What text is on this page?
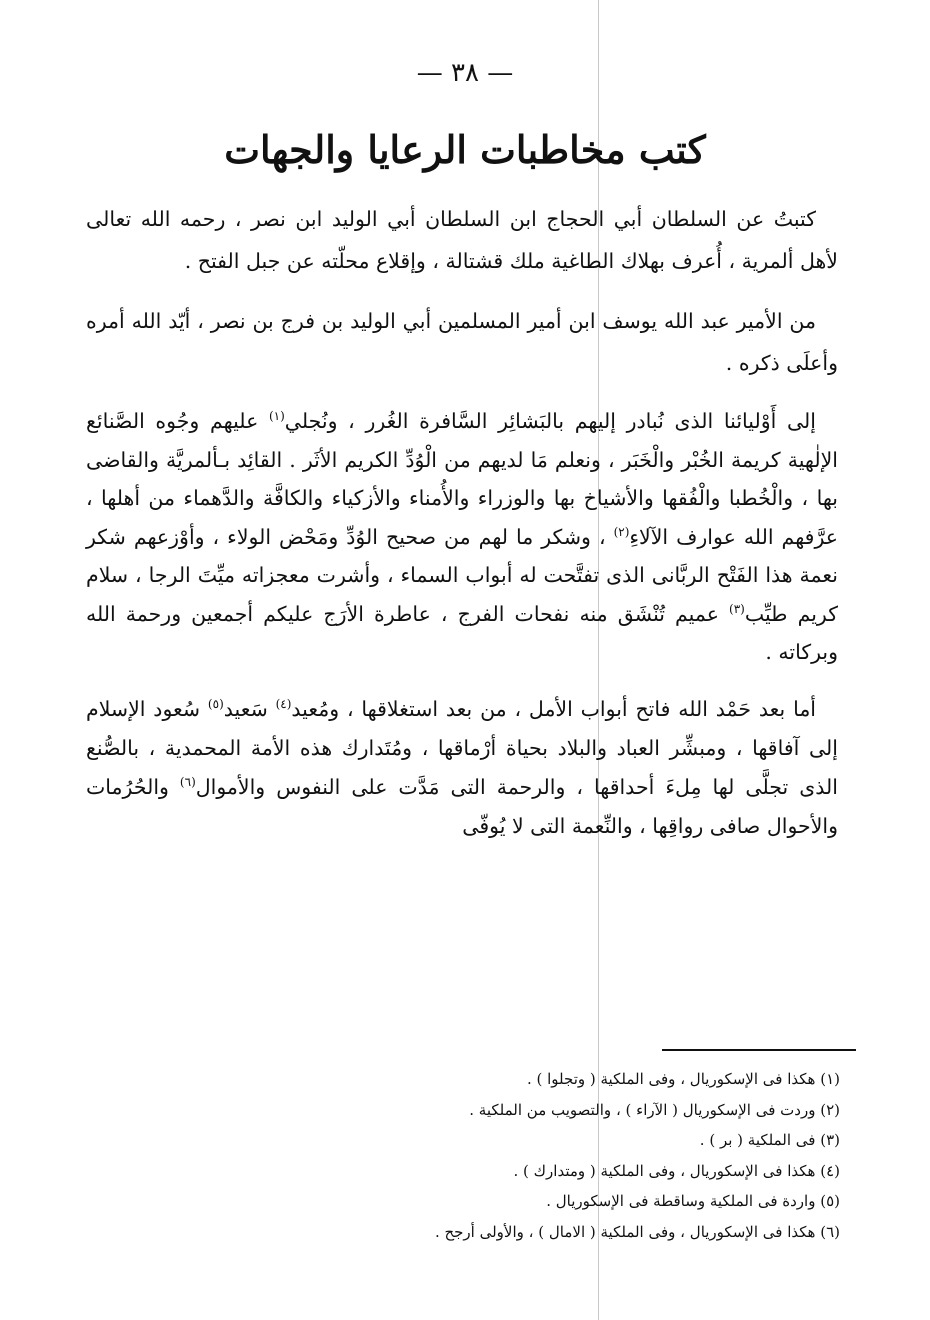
— ٣٨ —
كتب مخاطبات الرعايا والجهات

كتبتُ عن السلطان أبي الحجاج ابن السلطان أبي الوليد ابن نصر ، رحمه الله تعالى لأهل ألمرية ، أُعرف بهلاك الطاغية ملك قشتالة ، وإقلاع محلّته عن جبل الفتح .

من الأمير عبد الله يوسف ابن أمير المسلمين أبي الوليد بن فرج بن نصر ، أيّد الله أمره وأعلَى ذكره .

إلى أَوْليائنا الذى نُبادر إليهم بالبَشائِر السَّافرة الغُرر ، ونُجلي$^{(١)}$ عليهم وجُوه الصَّنائع الإلٰهية كريمة الخُبْر والْخَبَر ، ونعلم مَا لديهم من الْوُدِّ الكريم الأثَر . القائِد بـألمريَّة والقاضى بها ، والْخُطبا والْفُقها والأشياخ بها والوزراء والأُمناء والأزكياء والكافَّة والدَّهماء من أهلها ، عرَّفهم الله عوارف الآلاءِ$^{(٢)}$ ، وشكر ما لهم من صحيح الوُدِّ ومَحْض الولاء ، وأوْزعهم شكر نعمة هذا الفَتْح الربَّانى الذى تفتَّحت له أبواب السماء ، وأشرت معجزاته ميِّتَ الرجا ، سلام كريم طيِّب$^{(٣)}$ عميم تُنْشَق منه نفحات الفرج ، عاطرة الأرَج عليكم أجمعين ورحمة الله وبركاته .

أما بعد حَمْد الله فاتح أبواب الأمل ، من بعد استغلاقها ، ومُعيد$^{(٤)}$ سَعيد$^{(٥)}$ سُعود الإسلام إلى آفاقها ، ومبشِّر العباد والبلاد بحياة أرْماقها ، ومُتَدارك هذه الأمة المحمدية ، بالصُّنع الذى تجلَّى لها مِلءَ أحداقها ، والرحمة التى مَدَّت على النفوس والأموال$^{(٦)}$ والحُرُمات والأحوال صافى رواقِها ، والنِّعمة التى لا يُوفّى

(١) هكذا فى الإسكوريال ، وفى الملكية ( وتجلوا ) .
(٢) وردت فى الإسكوريال ( الآراء ) ، والتصويب من الملكية .
(٣) فى الملكية ( بر ) .
(٤) هكذا فى الإسكوريال ، وفى الملكية ( ومتدارك ) .
(٥) واردة فى الملكية وساقطة فى الإسكوريال .
(٦) هكذا فى الإسكوريال ، وفى الملكية ( الامال ) ، والأولى أرجح .
